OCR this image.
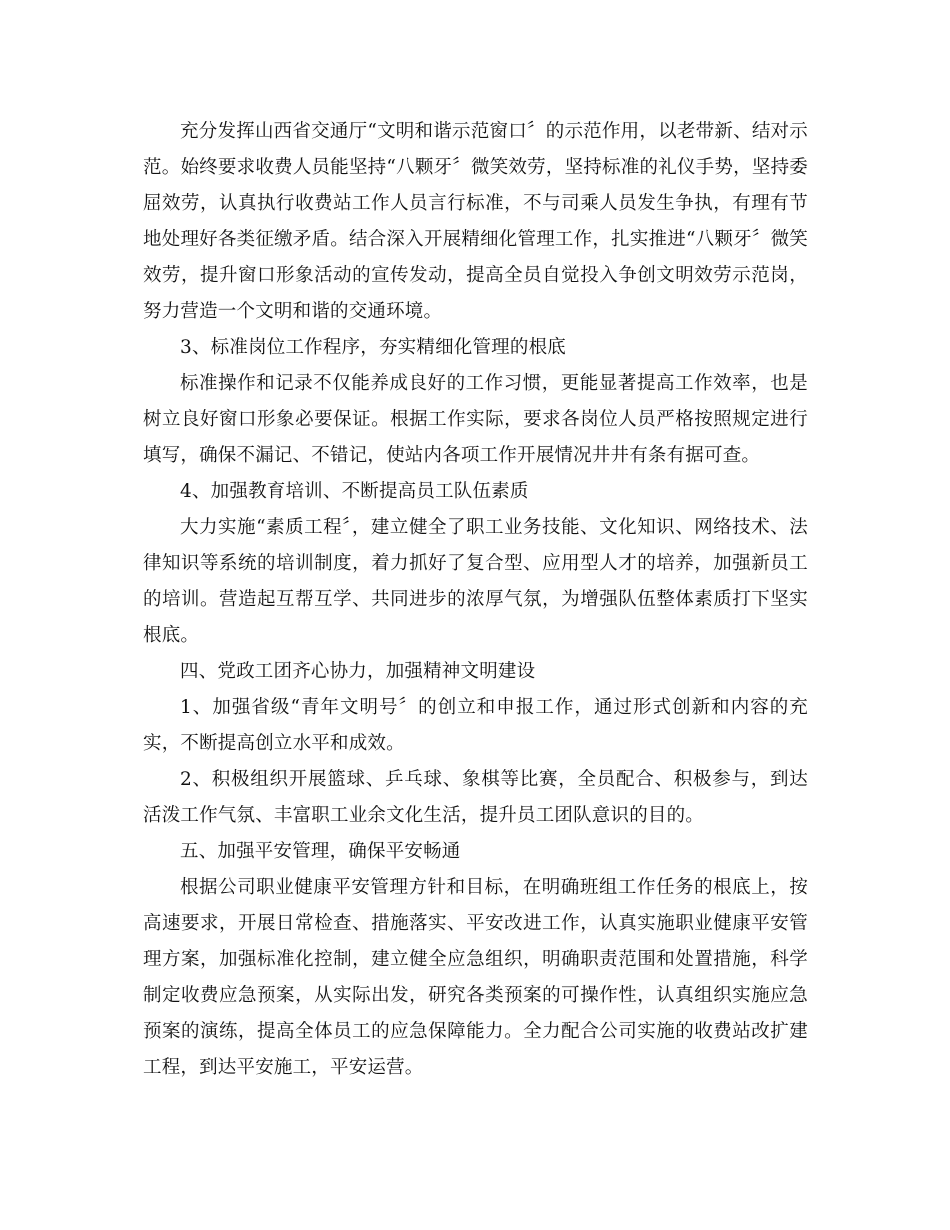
充分发挥山西省交通厅“文明和谐示范窗口〞的示范作用，以老带新、结对示范。始终要求收费人员能坚持“八颗牙〞微笑效劳，坚持标准的礼仪手势，坚持委屈效劳，认真执行收费站工作人员言行标准，不与司乘人员发生争执，有理有节地处理好各类征缴矛盾。结合深入开展精细化管理工作，扎实推进“八颗牙〞微笑效劳，提升窗口形象活动的宣传发动，提高全员自觉投入争创文明效劳示范岗，努力营造一个文明和谐的交通环境。

3、标准岗位工作程序，夯实精细化管理的根底

标准操作和记录不仅能养成良好的工作习惯，更能显著提高工作效率，也是树立良好窗口形象必要保证。根据工作实际，要求各岗位人员严格按照规定进行填写，确保不漏记、不错记，使站内各项工作开展情况井井有条有据可查。

4、加强教育培训、不断提高员工队伍素质

大力实施“素质工程〞，建立健全了职工业务技能、文化知识、网络技术、法律知识等系统的培训制度，着力抓好了复合型、应用型人才的培养，加强新员工的培训。营造起互帮互学、共同进步的浓厚气氛，为增强队伍整体素质打下坚实根底。

四、党政工团齐心协力，加强精神文明建设

1、加强省级“青年文明号〞的创立和申报工作，通过形式创新和内容的充实，不断提高创立水平和成效。

2、积极组织开展篮球、乒乓球、象棋等比赛，全员配合、积极参与，到达活泼工作气氛、丰富职工业余文化生活，提升员工团队意识的目的。

五、加强平安管理，确保平安畅通

根据公司职业健康平安管理方针和目标，在明确班组工作任务的根底上，按高速要求，开展日常检查、措施落实、平安改进工作，认真实施职业健康平安管理方案，加强标准化控制，建立健全应急组织，明确职责范围和处置措施，科学制定收费应急预案，从实际出发，研究各类预案的可操作性，认真组织实施应急预案的演练，提高全体员工的应急保障能力。全力配合公司实施的收费站改扩建工程，到达平安施工，平安运营。
